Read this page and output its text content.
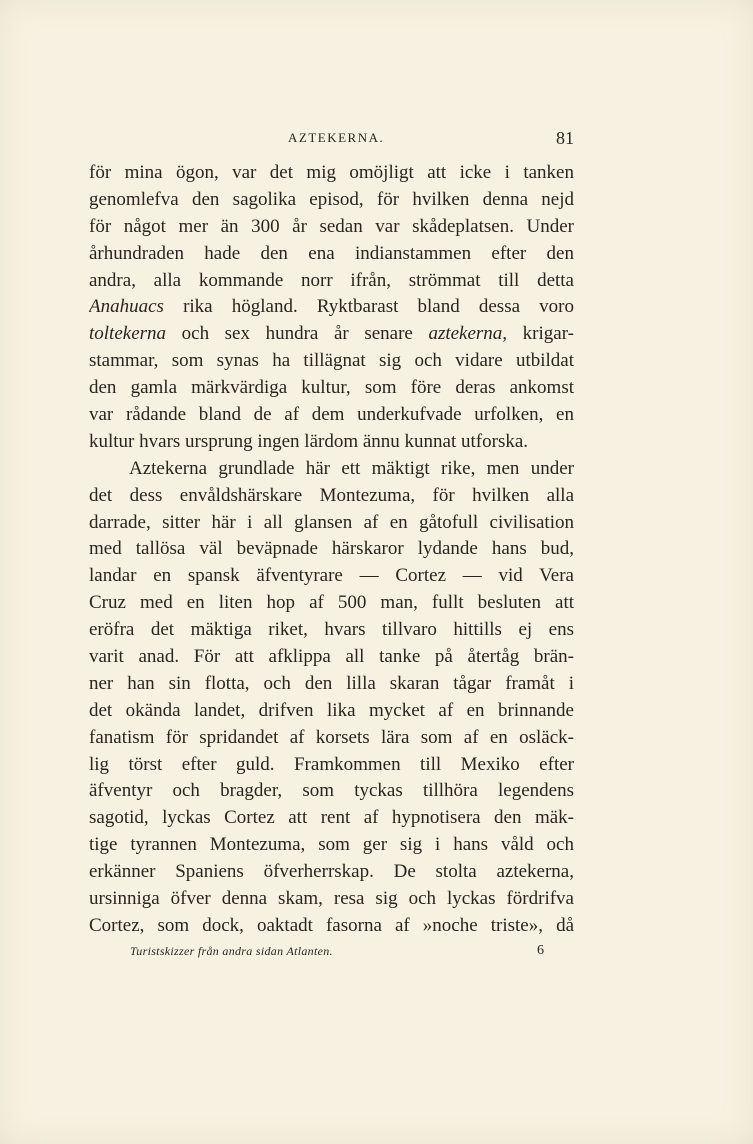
AZTEKERNA.	81
för mina ögon, var det mig omöjligt att icke i tanken
genomlefva den sagolika episod, för hvilken denna nejd
för något mer än 300 år sedan var skådeplatsen. Under
århundraden hade den ena indianstammen efter den
andra, alla kommande norr ifrån, strömmat till detta
Anahuacs rika högland. Ryktbarast bland dessa voro
toltekerna och sex hundra år senare aztekerna, krigar-
stammar, som synas ha tillägnat sig och vidare utbildat
den gamla märkvärdiga kultur, som före deras ankomst
var rådande bland de af dem underkufvade urfolken, en
kultur hvars ursprung ingen lärdom ännu kunnat utforska.
Aztekerna grundlade här ett mäktigt rike, men under
det dess envåldshärskare Montezuma, för hvilken alla
darrade, sitter här i all glansen af en gåtofull civilisation
med tallösa väl beväpnade härskaror lydande hans bud,
landar en spansk äfventyrare — Cortez — vid Vera
Cruz med en liten hop af 500 man, fullt besluten att
eröfra det mäktiga riket, hvars tillvaro hittills ej ens
varit anad. För att afklippa all tanke på återtåg brän-
ner han sin flotta, och den lilla skaran tågar framåt i
det okända landet, drifven lika mycket af en brinnande
fanatism för spridandet af korsets lära som af en osläck-
lig törst efter guld. Framkommen till Mexiko efter
äfventyr och bragder, som tyckas tillhöra legendens
sagotid, lyckas Cortez att rent af hypnotisera den mäk-
tige tyrannen Montezuma, som ger sig i hans våld och
erkänner Spaniens öfverherrskap. De stolta aztekerna,
ursinniga öfver denna skam, resa sig och lyckas fördrifva
Cortez, som dock, oaktadt fasorna af »noche triste», då
Turistskizzer från andra sidan Atlanten.	6
